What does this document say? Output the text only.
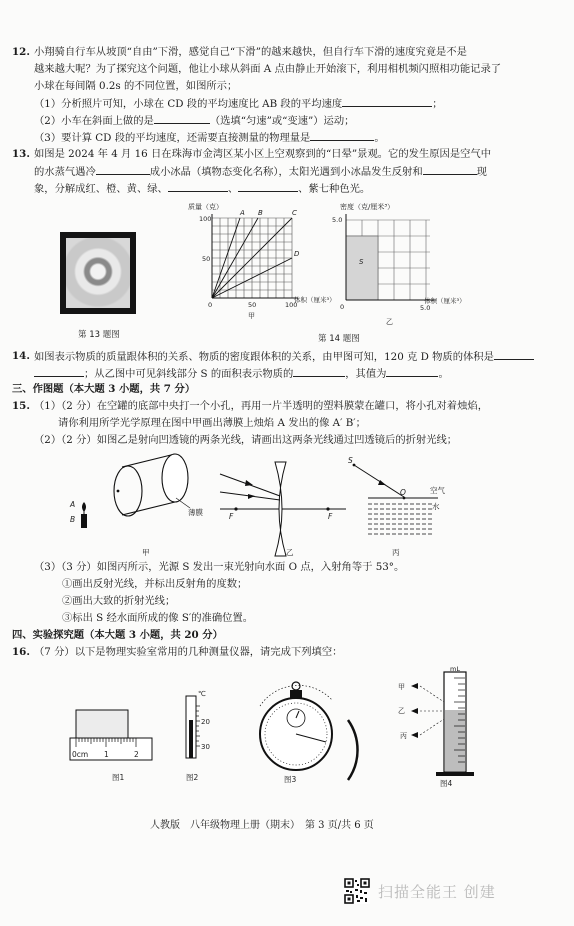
12. 小翔骑自行车从坡顶“自由”下滑，感觉自己“下滑”的越来越快，但自行车下滑的速度究竟是不是
越来越大呢？为了探究这个问题，他让小球从斜面 A 点由静止开始滚下，利用相机频闪照相功能记录了
小球在每间隔 0.2s 的不同位置，如图所示；
（1）分析照片可知，小球在 CD 段的平均速度比 AB 段的平均速度	；
（2）小车在斜面上做的是	（选填“匀速”或“变速”）运动；
（3）要计算 CD 段的平均速度，还需要直接测量的物理量是	。
13. 如图是 2024 年 4 月 16 日在珠海市金湾区某小区上空观察到的“日晕”景观。它的发生原因是空气中
的水蒸气遇冷	成小冰晶（填物态变化名称），太阳光遇到小冰晶发生反射和	现
象，分解成红、橙、黄、绿、	、	、紫七种色光。
第 13 题图
质量（克）
A B	C
D
100
50
0	50	100
体积（厘米³）
甲
密度（克/厘米³）
S
5.0
0	5.0
体积（厘米³）
乙
第 14 题图
14. 如图表示物质的质量跟体积的关系、物质的密度跟体积的关系，由甲图可知，120 克 D 物质的体积是
；从乙图中可见斜线部分 S 的面积表示物质的	，其值为	。
三、作图题（本大题 3 小题，共 7 分）
15. （1）（2 分）在空罐的底部中央打一个小孔，再用一片半透明的塑料膜蒙在罐口，将小孔对着烛焰，
请你利用所学光学原理在图中甲画出薄膜上烛焰 A 发出的像 A′ B′；
（2）（2 分）如图乙是射向凹透镜的两条光线，请画出这两条光线通过凹透镜后的折射光线；
A
B
薄膜
甲
F	F
乙
S
O	空气
水
丙
（3）（3 分）如图丙所示，光源 S 发出一束光射向水面 O 点，入射角等于 53°。
①画出反射光线，并标出反射角的度数；
②画出大致的折射光线；
③标出 S 经水面所成的像 S′的准确位置。
四、实验探究题（本大题 3 小题，共 20 分）
16. （7 分）以下是物理实验室常用的几种测量仪器，请完成下列填空：
0cm 1	2
图1
℃
20
30
图2	图3
甲
乙
丙
mL
图4
人教版　八年级物理上册（期末）　第 3 页/共 6 页
扫描全能王 创建
